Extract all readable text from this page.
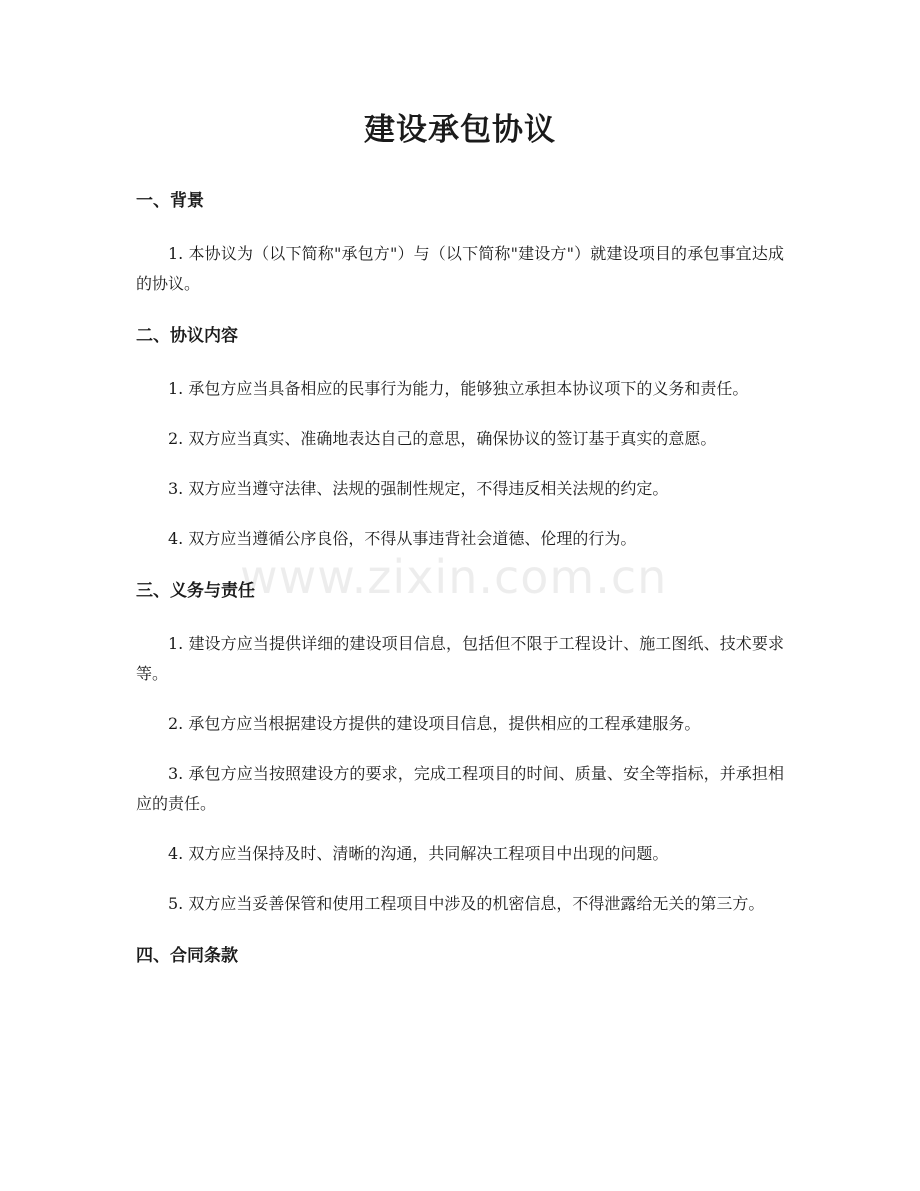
建设承包协议
一、背景

1. 本协议为（以下简称"承包方"）与（以下简称"建设方"）就建设项目的承包事宜达成的协议。

二、协议内容

1. 承包方应当具备相应的民事行为能力，能够独立承担本协议项下的义务和责任。

2. 双方应当真实、准确地表达自己的意思，确保协议的签订基于真实的意愿。

3. 双方应当遵守法律、法规的强制性规定，不得违反相关法规的约定。

4. 双方应当遵循公序良俗，不得从事违背社会道德、伦理的行为。

三、义务与责任

1. 建设方应当提供详细的建设项目信息，包括但不限于工程设计、施工图纸、技术要求等。

2. 承包方应当根据建设方提供的建设项目信息，提供相应的工程承建服务。

3. 承包方应当按照建设方的要求，完成工程项目的时间、质量、安全等指标，并承担相应的责任。

4. 双方应当保持及时、清晰的沟通，共同解决工程项目中出现的问题。

5. 双方应当妥善保管和使用工程项目中涉及的机密信息，不得泄露给无关的第三方。

四、合同条款
www.zixin.com.cn
